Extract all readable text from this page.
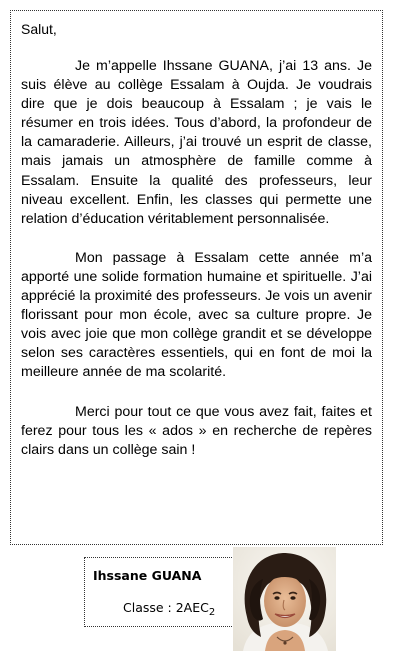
Salut,

Je m’appelle Ihssane GUANA, j’ai 13 ans. Je suis élève au collège Essalam à Oujda. Je voudrais dire que je dois beaucoup à Essalam ; je vais le résumer en trois idées. Tous d’abord, la profondeur de la camaraderie. Ailleurs, j’ai trouvé un esprit de classe, mais jamais un atmosphère de famille comme à Essalam. Ensuite la qualité des professeurs, leur niveau excellent. Enfin, les classes qui permette une relation d’éducation véritablement personnalisée.

Mon passage à Essalam cette année m’a apporté une solide formation humaine et spirituelle. J’ai apprécié la proximité des professeurs. Je vois un avenir florissant pour mon école, avec sa culture propre. Je vois avec joie que mon collège grandit et se développe selon ses caractères essentiels, qui en font de moi la meilleure année de ma scolarité.

Merci pour tout ce que vous avez fait, faites et ferez pour tous les « ados » en recherche de repères clairs dans un collège sain !

Ihssane GUANA
Classe : $2AEC_2$
